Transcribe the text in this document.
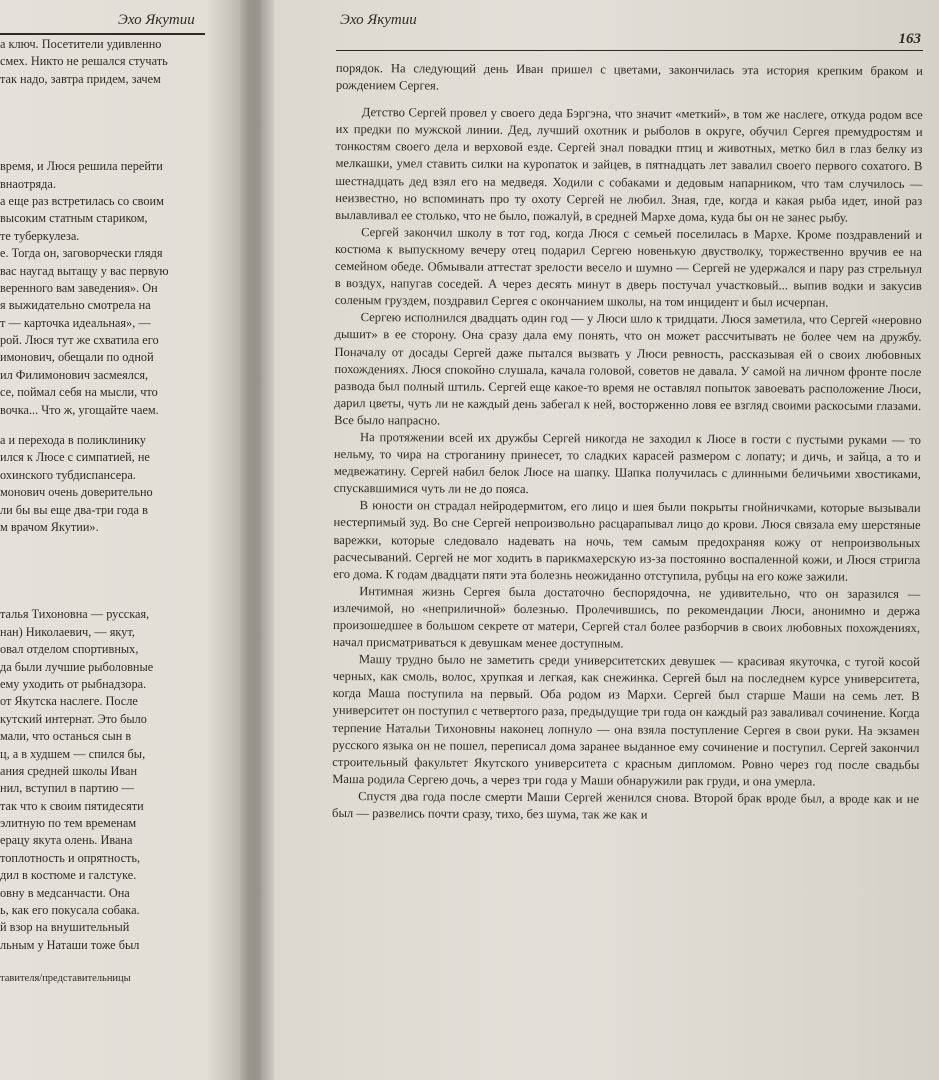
Эхо Якутии
а ключ. Посетители удивленно
смех. Никто не решался стучать
так надо, завтра придем, зачем
время, и Люся решила перейти
внаотряда.
а еще раз встретилась со своим
высоким статным стариком,
те туберкулеза.
е. Тогда он, заговорчески глядя
вас наугад вытащу у вас первую
веренного вам заведения». Он
я выжидательно смотрела на
т — карточка идеальная», —
рой. Люся тут же схватила его
имонович, обещали по одной
ил Филимонович засмеялся,
се, поймал себя на мысли, что
вочка... Что ж, угощайте чаем.
а и перехода в поликлинику
ился к Люсе с симпатией, не
охинского тубдиспансера.
монович очень доверительно
ли бы вы еще два-три года в
м врачом Якутии».
талья Тихоновна — русская,
нан) Николаевич, — якут,
овал отделом спортивных,
да были лучшие рыболовные
ему уходить от рыбнадзора.
от Якутска наслеге. После
кутский интернат. Это было
мали, что останься сын в
ц, а в худшем — спился бы,
ания средней школы Иван
нил, вступил в партию —
так что к своим пятидесяти
элитную по тем временам
ерацу якута олень. Ивана
топлотность и опрятность,
дил в костюме и галстуке.
овну в медсанчасти. Она
ь, как его покусала собака.
й взор на внушительный
льным у Наташи тоже был
тавителя/представительницы
Эхо Якутии
163

порядок. На следующий день Иван пришел с цветами, закончилась эта история крепким браком и рождением Сергея.

Детство Сергей провел у своего деда Бэргэна, что значит «меткий», в том же наслеге, откуда родом все их предки по мужской линии. Дед, лучший охотник и рыболов в округе, обучил Сергея премудростям и тонкостям своего дела и верховой езде. Сергей знал повадки птиц и животных, метко бил в глаз белку из мелкашки, умел ставить силки на куропаток и зайцев, в пятнадцать лет завалил своего первого сохатого. В шестнадцать дед взял его на медведя. Ходили с собаками и дедовым напарником, что там случилось — неизвестно, но вспоминать про ту охоту Сергей не любил. Зная, где, когда и какая рыба идет, иной раз вылавливал ее столько, что не было, пожалуй, в средней Мархе дома, куда бы он не занес рыбу.

Сергей закончил школу в тот год, когда Люся с семьей поселилась в Мархе. Кроме поздравлений и костюма к выпускному вечеру отец подарил Сергею новенькую двустволку, торжественно вручив ее на семейном обеде. Обмывали аттестат зрелости весело и шумно — Сергей не удержался и пару раз стрельнул в воздух, напугав соседей. А через десять минут в дверь постучал участковый... выпив водки и закусив соленым груздем, поздравил Сергея с окончанием школы, на том инцидент и был исчерпан.

Сергею исполнился двадцать один год — у Люси шло к тридцати. Люся заметила, что Сергей «неровно дышит» в ее сторону. Она сразу дала ему понять, что он может рассчитывать не более чем на дружбу. Поначалу от досады Сергей даже пытался вызвать у Люси ревность, рассказывая ей о своих любовных похождениях. Люся спокойно слушала, качала головой, советов не давала. У самой на личном фронте после развода был полный штиль. Сергей еще какое-то время не оставлял попыток завоевать расположение Люси, дарил цветы, чуть ли не каждый день забегал к ней, восторженно ловя ее взгляд своими раскосыми глазами. Все было напрасно.

На протяжении всей их дружбы Сергей никогда не заходил к Люсе в гости с пустыми руками — то нельму, то чира на строганину принесет, то сладких карасей размером с лопату; и дичь, и зайца, а то и медвежатину. Сергей набил белок Люсе на шапку. Шапка получилась с длинными беличьими хвостиками, спускавшимися чуть ли не до пояса.

В юности он страдал нейродермитом, его лицо и шея были покрыты гнойничками, которые вызывали нестерпимый зуд. Во сне Сергей непроизвольно расцарапывал лицо до крови. Люся связала ему шерстяные варежки, которые следовало надевать на ночь, тем самым предохраняя кожу от непроизвольных расчесываний. Сергей не мог ходить в парикмахерскую из-за постоянно воспаленной кожи, и Люся стригла его дома. К годам двадцати пяти эта болезнь неожиданно отступила, рубцы на его коже зажили.

Интимная жизнь Сергея была достаточно беспорядочна, не удивительно, что он заразился — излечимой, но «неприличной» болезнью. Пролечившись, по рекомендации Люси, анонимно и держа произошедшее в большом секрете от матери, Сергей стал более разборчив в своих любовных похождениях, начал присматриваться к девушкам менее доступным.

Машу трудно было не заметить среди университетских девушек — красивая якуточка, с тугой косой черных, как смоль, волос, хрупкая и легкая, как снежинка. Сергей был на последнем курсе университета, когда Маша поступила на первый. Оба родом из Мархи. Сергей был старше Маши на семь лет. В университет он поступил с четвертого раза, предыдущие три года он каждый раз заваливал сочинение. Когда терпение Натальи Тихоновны наконец лопнуло — она взяла поступление Сергея в свои руки. На экзамен русского языка он не пошел, переписал дома заранее выданное ему сочинение и поступил. Сергей закончил строительный факультет Якутского университета с красным дипломом. Ровно через год после свадьбы Маша родила Сергею дочь, а через три года у Маши обнаружили рак груди, и она умерла.

Спустя два года после смерти Маши Сергей женился снова. Второй брак вроде был, а вроде как и не был — развелись почти сразу, тихо, без шума, так же как и
